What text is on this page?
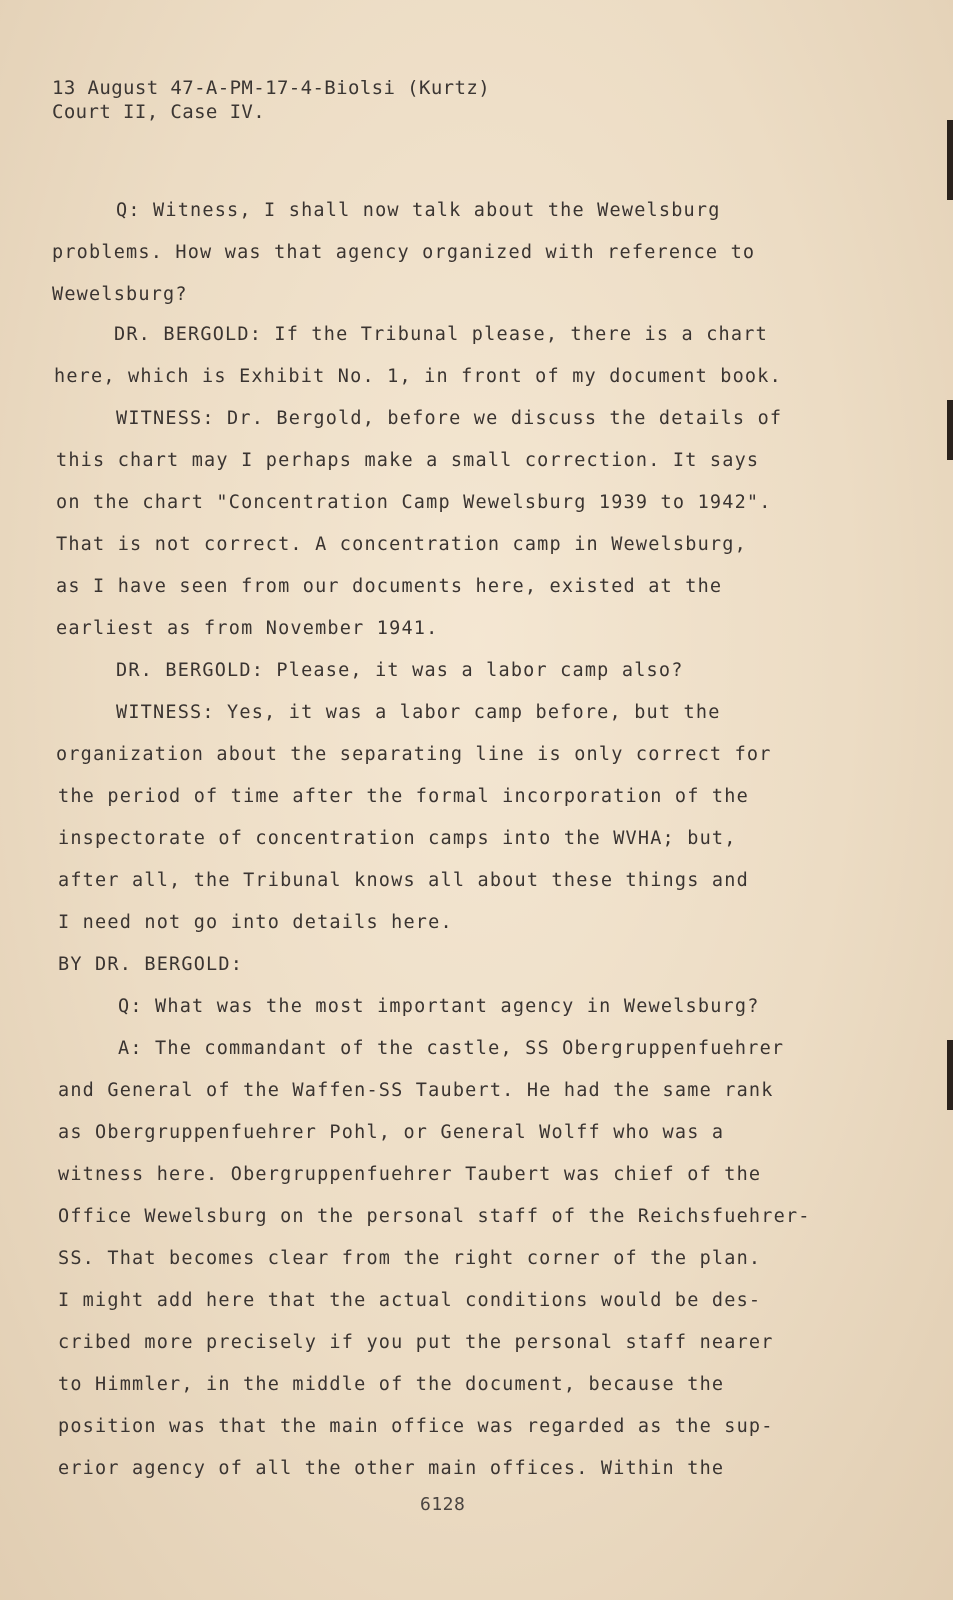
13 August 47-A-PM-17-4-Biolsi (Kurtz)
Court II, Case IV.
Q: Witness, I shall now talk about the Wewelsburg
problems. How was that agency organized with reference to
Wewelsburg?
DR. BERGOLD: If the Tribunal please, there is a chart
here, which is Exhibit No. 1, in front of my document book.
WITNESS: Dr. Bergold, before we discuss the details of
this chart may I perhaps make a small correction. It says
on the chart "Concentration Camp Wewelsburg 1939 to 1942".
That is not correct. A concentration camp in Wewelsburg,
as I have seen from our documents here, existed at the
earliest as from November 1941.
DR. BERGOLD: Please, it was a labor camp also?
WITNESS: Yes, it was a labor camp before, but the
organization about the separating line is only correct for
the period of time after the formal incorporation of the
inspectorate of concentration camps into the WVHA; but,
after all, the Tribunal knows all about these things and
I need not go into details here.
BY DR. BERGOLD:
Q: What was the most important agency in Wewelsburg?
A: The commandant of the castle, SS Obergruppenfuehrer
and General of the Waffen-SS Taubert. He had the same rank
as Obergruppenfuehrer Pohl, or General Wolff who was a
witness here. Obergruppenfuehrer Taubert was chief of the
Office Wewelsburg on the personal staff of the Reichsfuehrer-
SS. That becomes clear from the right corner of the plan.
I might add here that the actual conditions would be des-
cribed more precisely if you put the personal staff nearer
to Himmler, in the middle of the document, because the
position was that the main office was regarded as the sup-
erior agency of all the other main offices. Within the
6128
